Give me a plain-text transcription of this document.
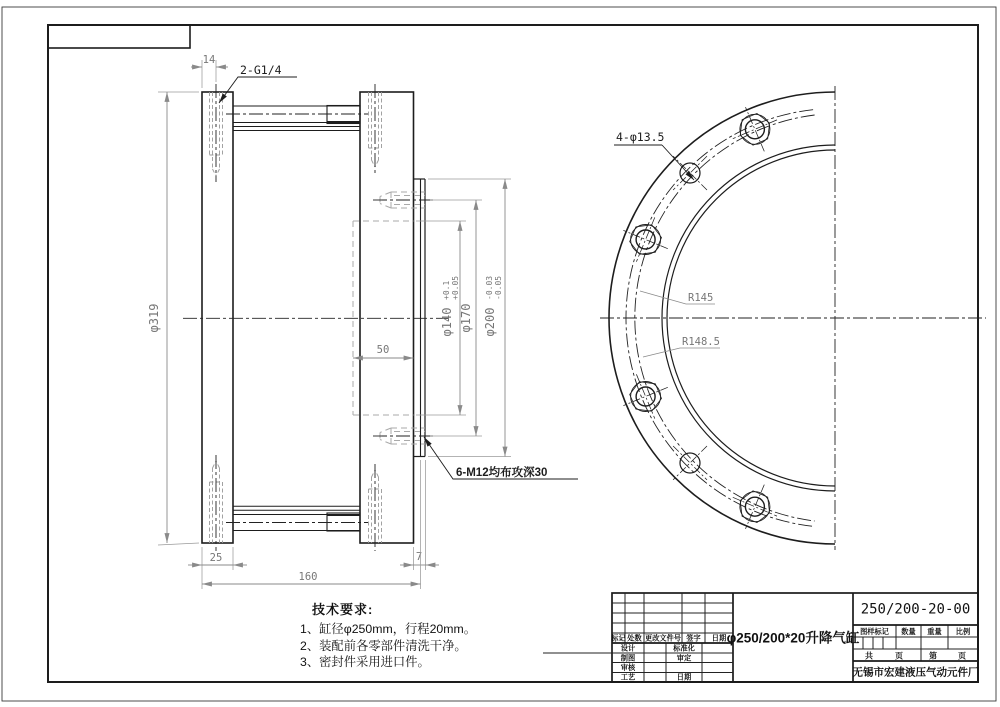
14
2-G1/4
φ319
50
φ140
+0.1 +0.05
φ170 φ200
-0.03 -0.05
25	7
160
6-M12均布攻深30
4-φ13.5
R145
R148.5
标记 处数 更改文件号 签字 日期
设计	标准化
制图	审定
审核
工艺	日期
φ250/200*20升降气缸
250/200-20-00
图样标记 数量 重量 比例
共	页	第	页
无锡市宏建液压气动元件厂
技术要求:
1、缸径φ250mm，行程20mm。
2、装配前各零部件清洗干净。
3、密封件采用进口件。
